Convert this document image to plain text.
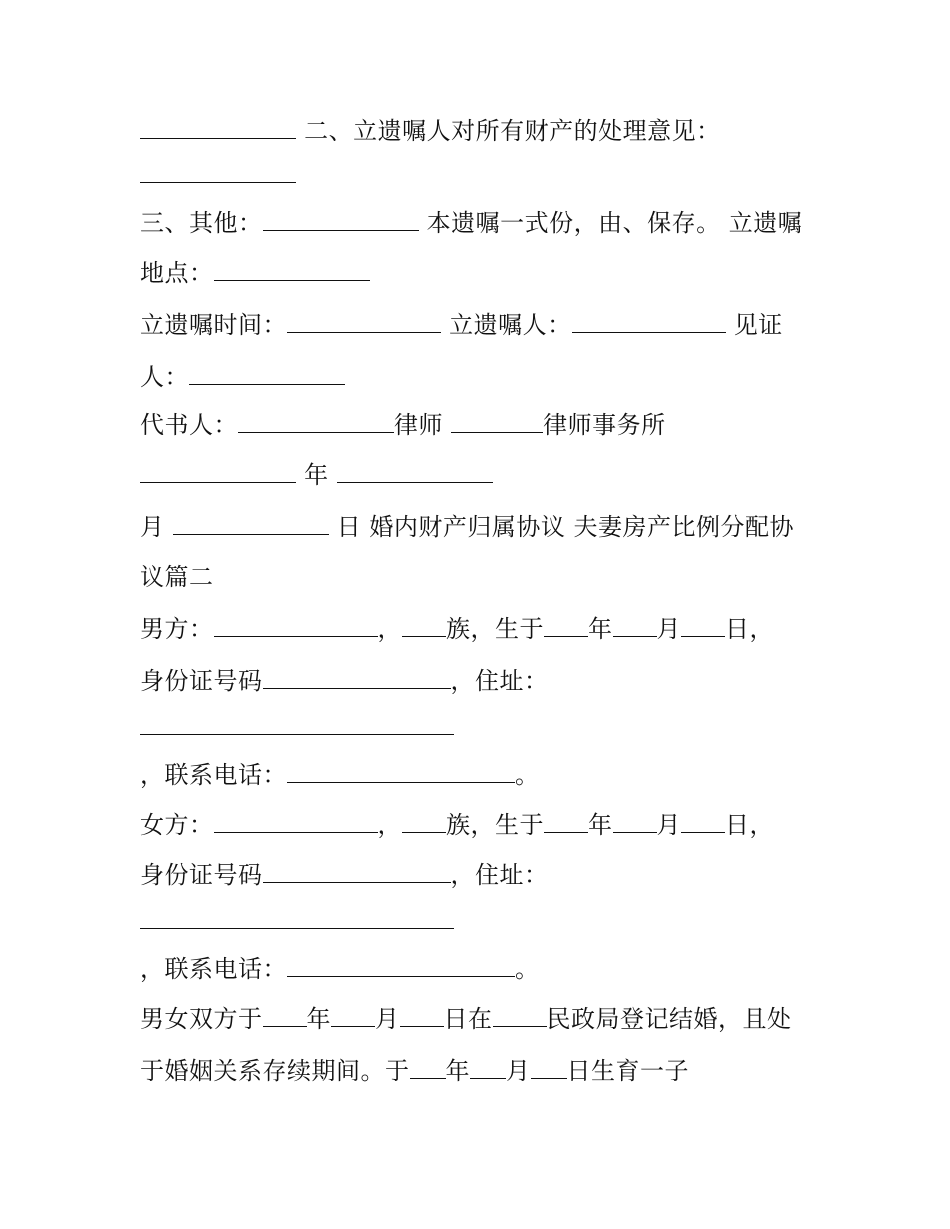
二、立遗嘱人对所有财产的处理意见：
三、其他：	本遗嘱一式份，由、保存。 立遗嘱
地点：
立遗嘱时间：	立遗嘱人：	见证
人：
代书人：	律师	律师事务所
年
月	日 婚内财产归属协议 夫妻房产比例分配协
议篇二
男方：	， 族，生于 年 月 日，
身份证号码	，住址：
，联系电话：	。
女方：	， 族，生于 年 月 日，
身份证号码	，住址：
，联系电话：	。
男女双方于 年 月 日在 民政局登记结婚，且处
于婚姻关系存续期间。于 年 月 日生育一子
